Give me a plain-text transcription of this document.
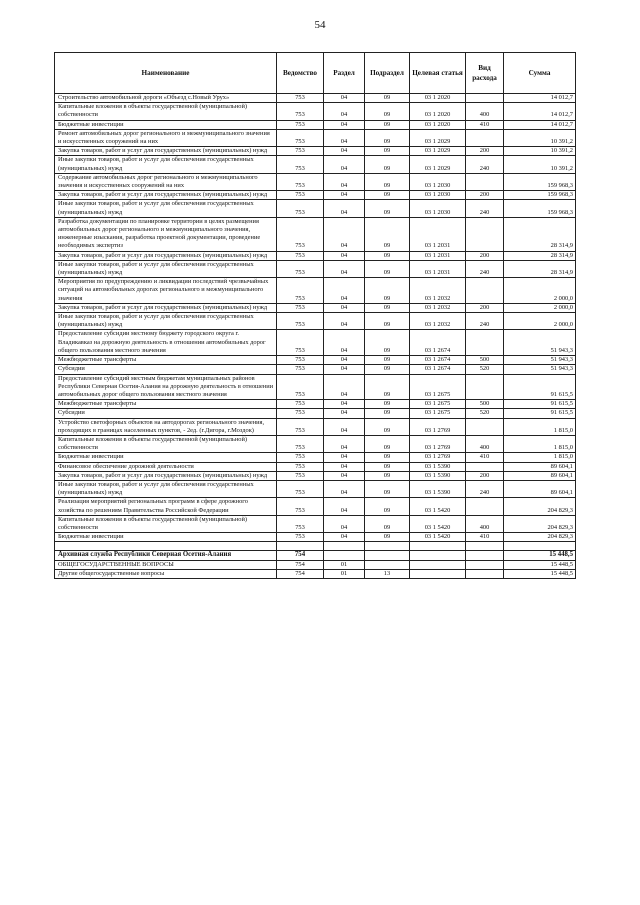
54
Наименование	Ведомство	Раздел	Подраздел	Целевая статья	Вид расхода	Сумма
Строительство автомобильной дороги «Объезд с.Новый Урух»	753	04	09	03 1 2020		14 012,7
Капитальные вложения в объекты государственной (муниципальной) собственности	753	04	09	03 1 2020	400	14 012,7
Бюджетные инвестиции	753	04	09	03 1 2020	410	14 012,7
Ремонт автомобильных дорог регионального и межмуниципального значения и искусственных сооружений на них	753	04	09	03 1 2029		10 391,2
Закупка товаров, работ и услуг для государственных (муниципальных) нужд	753	04	09	03 1 2029	200	10 391,2
Иные закупки товаров, работ и услуг для обеспечения государственных (муниципальных) нужд	753	04	09	03 1 2029	240	10 391,2
Содержание автомобильных дорог регионального и межмуниципального значения и искусственных сооружений на них	753	04	09	03 1 2030		159 968,3
Закупка товаров, работ и услуг для государственных (муниципальных) нужд	753	04	09	03 1 2030	200	159 968,3
Иные закупки товаров, работ и услуг для обеспечения государственных (муниципальных) нужд	753	04	09	03 1 2030	240	159 968,3
Разработка документации по планировке территории в целях размещения автомобильных дорог регионального и межмуниципального значения, инженерные изыскания, разработка проектной документации, проведение необходимых экспертиз	753	04	09	03 1 2031		28 314,9
Закупка товаров, работ и услуг для государственных (муниципальных) нужд	753	04	09	03 1 2031	200	28 314,9
Иные закупки товаров, работ и услуг для обеспечения государственных (муниципальных) нужд	753	04	09	03 1 2031	240	28 314,9
Мероприятия по предупреждению и ликвидации последствий чрезвычайных ситуаций на автомобильных дорогах регионального и межмуниципального значения	753	04	09	03 1 2032		2 000,0
Закупка товаров, работ и услуг для государственных (муниципальных) нужд	753	04	09	03 1 2032	200	2 000,0
Иные закупки товаров, работ и услуг для обеспечения государственных (муниципальных) нужд	753	04	09	03 1 2032	240	2 000,0
Предоставление субсидии местному бюджету городского округа г. Владикавказ на дорожную деятельность в отношении автомобильных дорог общего пользования местного значения	753	04	09	03 1 2674		51 943,3
Межбюджетные трансферты	753	04	09	03 1 2674	500	51 943,3
Субсидии	753	04	09	03 1 2674	520	51 943,3
Предоставление субсидий местным бюджетам муниципальных районов Республики Северная Осетия-Алания на дорожную деятельность в отношении автомобильных дорог общего пользования местного значения	753	04	09	03 1 2675		91 615,5
Межбюджетные трансферты	753	04	09	03 1 2675	500	91 615,5
Субсидии	753	04	09	03 1 2675	520	91 615,5
Устройство светофорных объектов на автодорогах регионального значения, проходящих в границах населенных пунктов, - 2ед. (г.Дигора, г.Моздок)	753	04	09	03 1 2769		1 815,0
Капитальные вложения в объекты государственной (муниципальной) собственности	753	04	09	03 1 2769	400	1 815,0
Бюджетные инвестиции	753	04	09	03 1 2769	410	1 815,0
Финансовое обеспечение дорожной деятельности	753	04	09	03 1 5390		89 604,1
Закупка товаров, работ и услуг для государственных (муниципальных) нужд	753	04	09	03 1 5390	200	89 604,1
Иные закупки товаров, работ и услуг для обеспечения государственных (муниципальных) нужд	753	04	09	03 1 5390	240	89 604,1
Реализация мероприятий региональных программ в сфере дорожного хозяйства по решениям Правительства Российской Федерации	753	04	09	03 1 5420		204 829,3
Капитальные вложения в объекты государственной (муниципальной) собственности	753	04	09	03 1 5420	400	204 829,3
Бюджетные инвестиции	753	04	09	03 1 5420	410	204 829,3

Архивная служба Республики Северная Осетия-Алания	754					15 448,5
ОБЩЕГОСУДАРСТВЕННЫЕ ВОПРОСЫ	754	01				15 448,5
Другие общегосударственные вопросы	754	01	13			15 448,5
